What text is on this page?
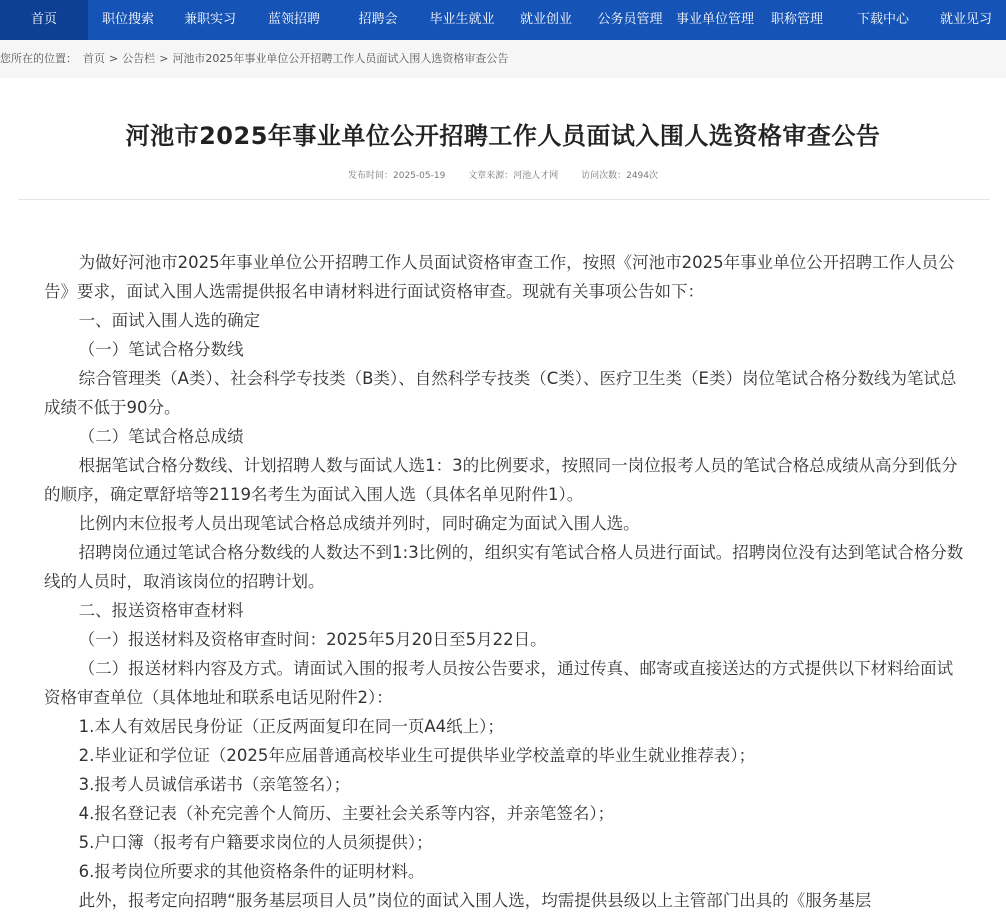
首页	职位搜索	兼职实习	蓝领招聘	招聘会	毕业生就业	就业创业	公务员管理	事业单位管理	职称管理	下载中心	就业见习
您所在的位置： 首页 > 公告栏 > 河池市2025年事业单位公开招聘工作人员面试入围人选资格审查公告
河池市2025年事业单位公开招聘工作人员面试入围人选资格审查公告
发布时间：2025-05-19	文章来源：河池人才网	访问次数：2494次

为做好河池市2025年事业单位公开招聘工作人员面试资格审查工作，按照《河池市2025年事业单位公开招聘工作人员公告》要求，面试入围人选需提供报名申请材料进行面试资格审查。现就有关事项公告如下：

一、面试入围人选的确定

（一）笔试合格分数线

综合管理类（A类）、社会科学专技类（B类）、自然科学专技类（C类）、医疗卫生类（E类）岗位笔试合格分数线为笔试总成绩不低于90分。

（二）笔试合格总成绩

根据笔试合格分数线、计划招聘人数与面试人选1：3的比例要求，按照同一岗位报考人员的笔试合格总成绩从高分到低分的顺序，确定覃舒培等2119名考生为面试入围人选（具体名单见附件1）。

比例内末位报考人员出现笔试合格总成绩并列时，同时确定为面试入围人选。

招聘岗位通过笔试合格分数线的人数达不到1:3比例的，组织实有笔试合格人员进行面试。招聘岗位没有达到笔试合格分数线的人员时，取消该岗位的招聘计划。

二、报送资格审查材料

（一）报送材料及资格审查时间：2025年5月20日至5月22日。

（二）报送材料内容及方式。请面试入围的报考人员按公告要求，通过传真、邮寄或直接送达的方式提供以下材料给面试资格审查单位（具体地址和联系电话见附件2）：

1.本人有效居民身份证（正反两面复印在同一页A4纸上）；

2.毕业证和学位证（2025年应届普通高校毕业生可提供毕业学校盖章的毕业生就业推荐表）；

3.报考人员诚信承诺书（亲笔签名）；

4.报名登记表（补充完善个人简历、主要社会关系等内容，并亲笔签名）；

5.户口簿（报考有户籍要求岗位的人员须提供）；

6.报考岗位所要求的其他资格条件的证明材料。

此外，报考定向招聘“服务基层项目人员”岗位的面试入围人选，均需提供县级以上主管部门出具的《服务基层
